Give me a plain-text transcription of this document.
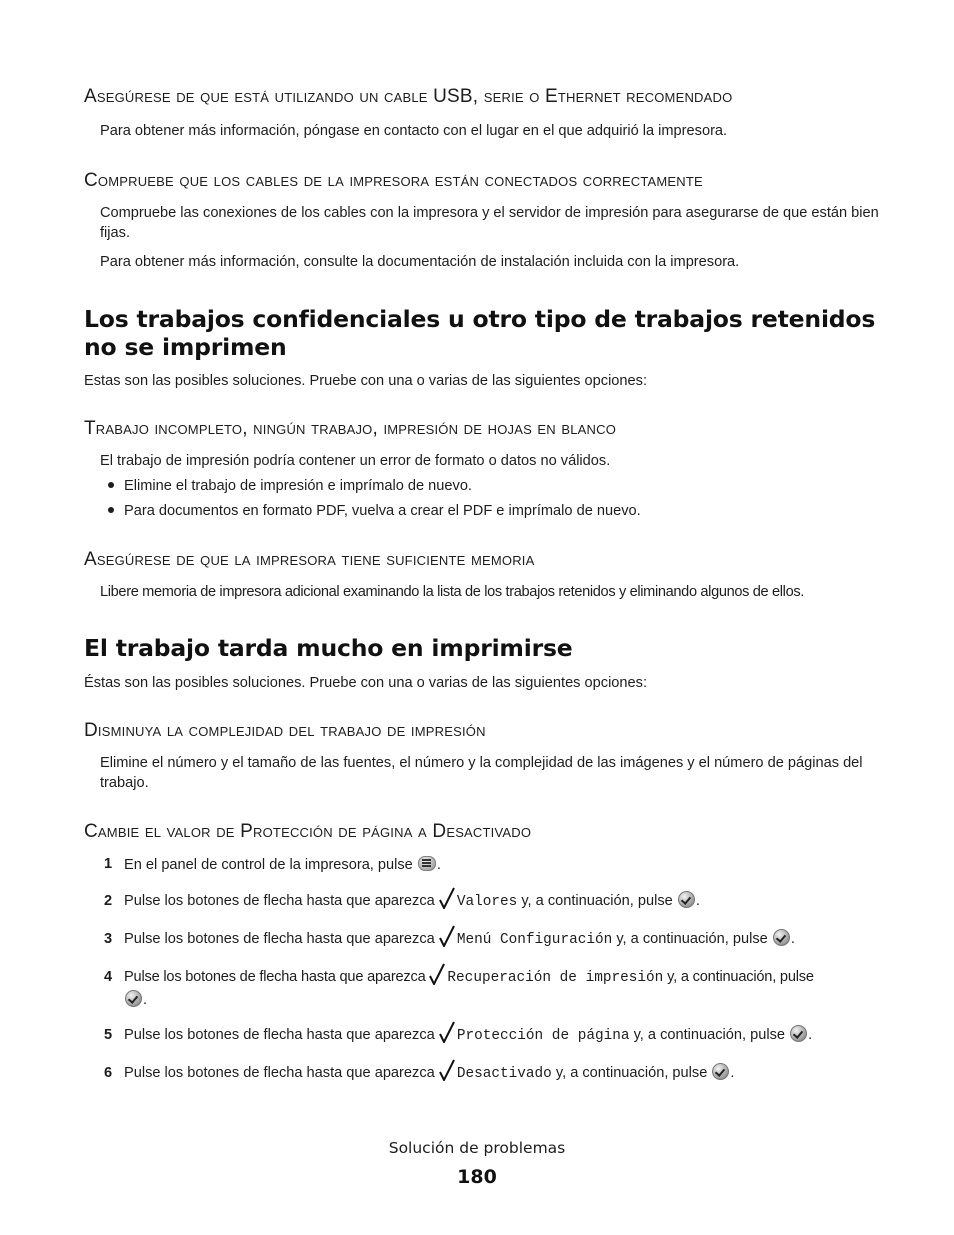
Asegúrese de que está utilizando un cable USB, serie o Ethernet recomendado
Para obtener más información, póngase en contacto con el lugar en el que adquirió la impresora.
Compruebe que los cables de la impresora están conectados correctamente
Compruebe las conexiones de los cables con la impresora y el servidor de impresión para asegurarse de que están bien fijas.
Para obtener más información, consulte la documentación de instalación incluida con la impresora.
Los trabajos confidenciales u otro tipo de trabajos retenidos no se imprimen
Estas son las posibles soluciones. Pruebe con una o varias de las siguientes opciones:
Trabajo incompleto, ningún trabajo, impresión de hojas en blanco
El trabajo de impresión podría contener un error de formato o datos no válidos.
Elimine el trabajo de impresión e imprímalo de nuevo.
Para documentos en formato PDF, vuelva a crear el PDF e imprímalo de nuevo.
Asegúrese de que la impresora tiene suficiente memoria
Libere memoria de impresora adicional examinando la lista de los trabajos retenidos y eliminando algunos de ellos.
El trabajo tarda mucho en imprimirse
Éstas son las posibles soluciones. Pruebe con una o varias de las siguientes opciones:
Disminuya la complejidad del trabajo de impresión
Elimine el número y el tamaño de las fuentes, el número y la complejidad de las imágenes y el número de páginas del trabajo.
Cambie el valor de Protección de página a Desactivado
1 En el panel de control de la impresora, pulse .
2 Pulse los botones de flecha hasta que aparezca Valores y, a continuación, pulse .
3 Pulse los botones de flecha hasta que aparezca Menú Configuración y, a continuación, pulse .
4 Pulse los botones de flecha hasta que aparezca Recuperación de impresión y, a continuación, pulse
.
5 Pulse los botones de flecha hasta que aparezca Protección de página y, a continuación, pulse .
6 Pulse los botones de flecha hasta que aparezca Desactivado y, a continuación, pulse .
Solución de problemas
180
